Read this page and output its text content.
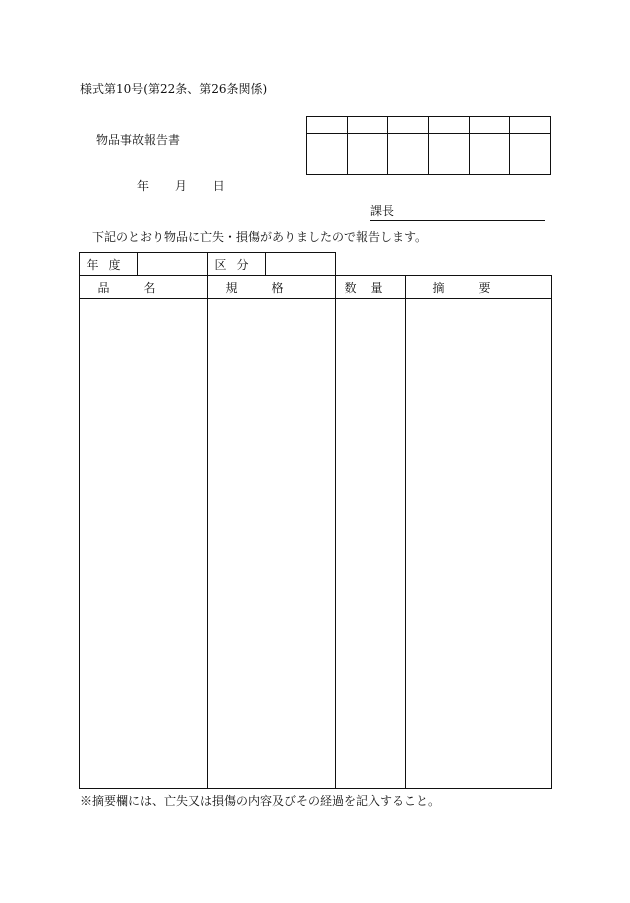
様式第10号(第22条、第26条関係)

物品事故報告書
年 月 日
課長
下記のとおり物品に亡失・損傷がありましたので報告します。
年度		区分	
品名	規格	数量	摘要

※摘要欄には、亡失又は損傷の内容及びその経過を記入すること。
